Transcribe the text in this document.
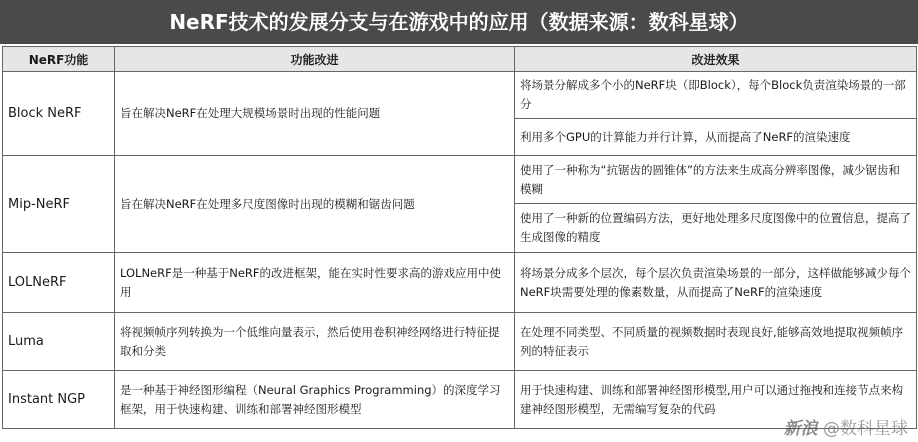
NeRF技术的发展分支与在游戏中的应用（数据来源：数科星球）
NeRF功能	功能改进	改进效果
Block NeRF	旨在解决NeRF在处理大规模场景时出现的性能问题	将场景分解成多个小的NeRF块（即Block），每个Block负责渲染场景的一部分
		利用多个GPU的计算能力并行计算，从而提高了NeRF的渲染速度
Mip-NeRF	旨在解决NeRF在处理多尺度图像时出现的模糊和锯齿问题	使用了一种称为“抗锯齿的圆锥体”的方法来生成高分辨率图像，减少锯齿和模糊
		使用了一种新的位置编码方法，更好地处理多尺度图像中的位置信息，提高了生成图像的精度
LOLNeRF	LOLNeRF是一种基于NeRF的改进框架，能在实时性要求高的游戏应用中使用	将场景分成多个层次，每个层次负责渲染场景的一部分，这样做能够减少每个NeRF块需要处理的像素数量，从而提高了NeRF的渲染速度
Luma	将视频帧序列转换为一个低维向量表示，然后使用卷积神经网络进行特征提取和分类	在处理不同类型、不同质量的视频数据时表现良好,能够高效地提取视频帧序列的特征表示
Instant NGP	是一种基于神经图形编程（Neural Graphics Programming）的深度学习框架，用于快速构建、训练和部署神经图形模型	用于快速构建、训练和部署神经图形模型,用户可以通过拖拽和连接节点来构建神经图形模型，无需编写复杂的代码
新浪 @数科星球
